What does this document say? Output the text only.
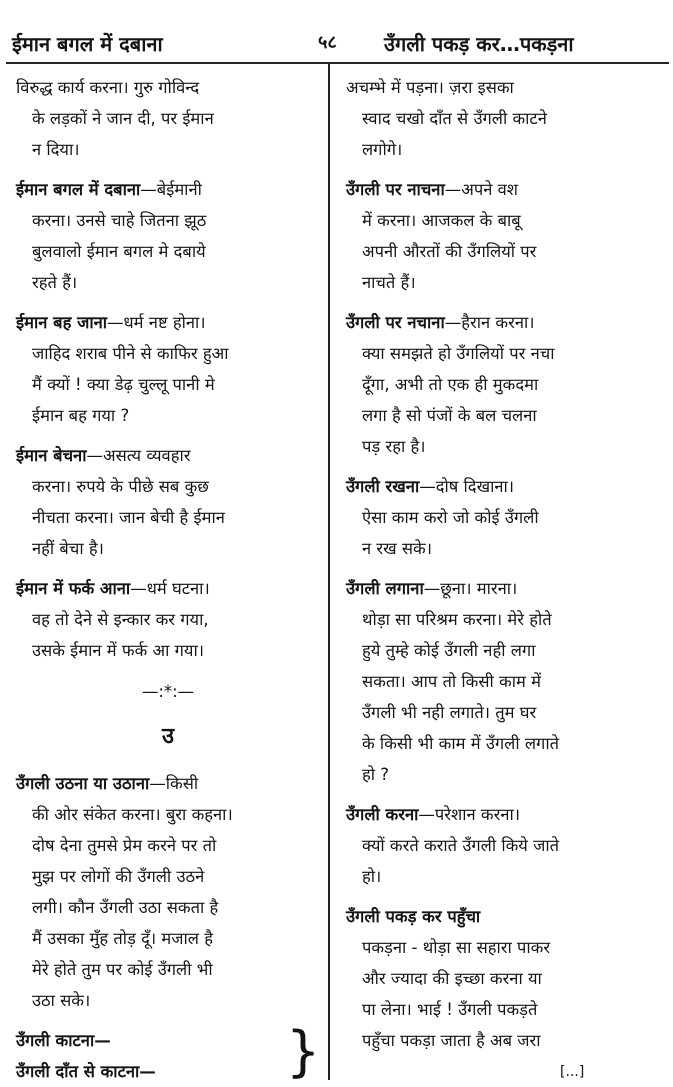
ईमान बगल में दबाना	५८ उँगली पकड़ कर…पकड़ना
विरुद्ध कार्य करना। गुरु गोविन्द
के लड़कों ने जान दी, पर ईमान
न दिया।
ईमान बगल में दबाना—बेईमानी
करना। उनसे चाहे जितना झूठ
बुलवालो ईमान बगल मे दबाये
रहते हैं।
ईमान बह जाना—धर्म नष्ट होना।
जाहिद शराब पीने से काफिर हुआ
मैं क्यों ! क्या डेढ़ चुल्लू पानी मे
ईमान बह गया ?
ईमान बेचना—असत्य व्यवहार
करना। रुपये के पीछे सब कुछ
नीचता करना। जान बेची है ईमान
नहीं बेचा है।
ईमान में फर्क आना—धर्म घटना।
वह तो देने से इन्कार कर गया,
उसके ईमान में फर्क आ गया।
—:*:—
उ
उँगली उठना या उठाना—किसी
की ओर संकेत करना। बुरा कहना।
दोष देना तुमसे प्रेम करने पर तो
मुझ पर लोगों की उँगली उठने
लगी। कौन उँगली उठा सकता है
मैं उसका मुँह तोड़ दूँ। मजाल है
मेरे होते तुम पर कोई उँगली भी
उठा सके।
उँगली काटना—
उँगली दाँत से काटना—	}
अचम्भे में पड़ना। ज़रा इसका
स्वाद चखो दाँत से उँगली काटने
लगोगे।
उँगली पर नाचना—अपने वश
में करना। आजकल के बाबू
अपनी औरतों की उँगलियों पर
नाचते हैं।
उँगली पर नचाना—हैरान करना।
क्या समझते हो उँगलियों पर नचा
दूँगा, अभी तो एक ही मुकदमा
लगा है सो पंजों के बल चलना
पड़ रहा है।
उँगली रखना—दोष दिखाना।
ऐसा काम करो जो कोई उँगली
न रख सके।
उँगली लगाना—छूना। मारना।
थोड़ा सा परिश्रम करना। मेरे होते
हुये तुम्हे कोई उँगली नही लगा
सकता। आप तो किसी काम में
उँगली भी नही लगाते। तुम घर
के किसी भी काम में उँगली लगाते
हो ?
उँगली करना—परेशान करना।
क्यों करते कराते उँगली किये जाते
हो।
उँगली पकड़ कर पहुँचा
पकड़ना - थोड़ा सा सहारा पाकर
और ज्यादा की इच्छा करना या
पा लेना। भाई ! उँगली पकड़ते
पहुँचा पकड़ा जाता है अब जरा
[...]
